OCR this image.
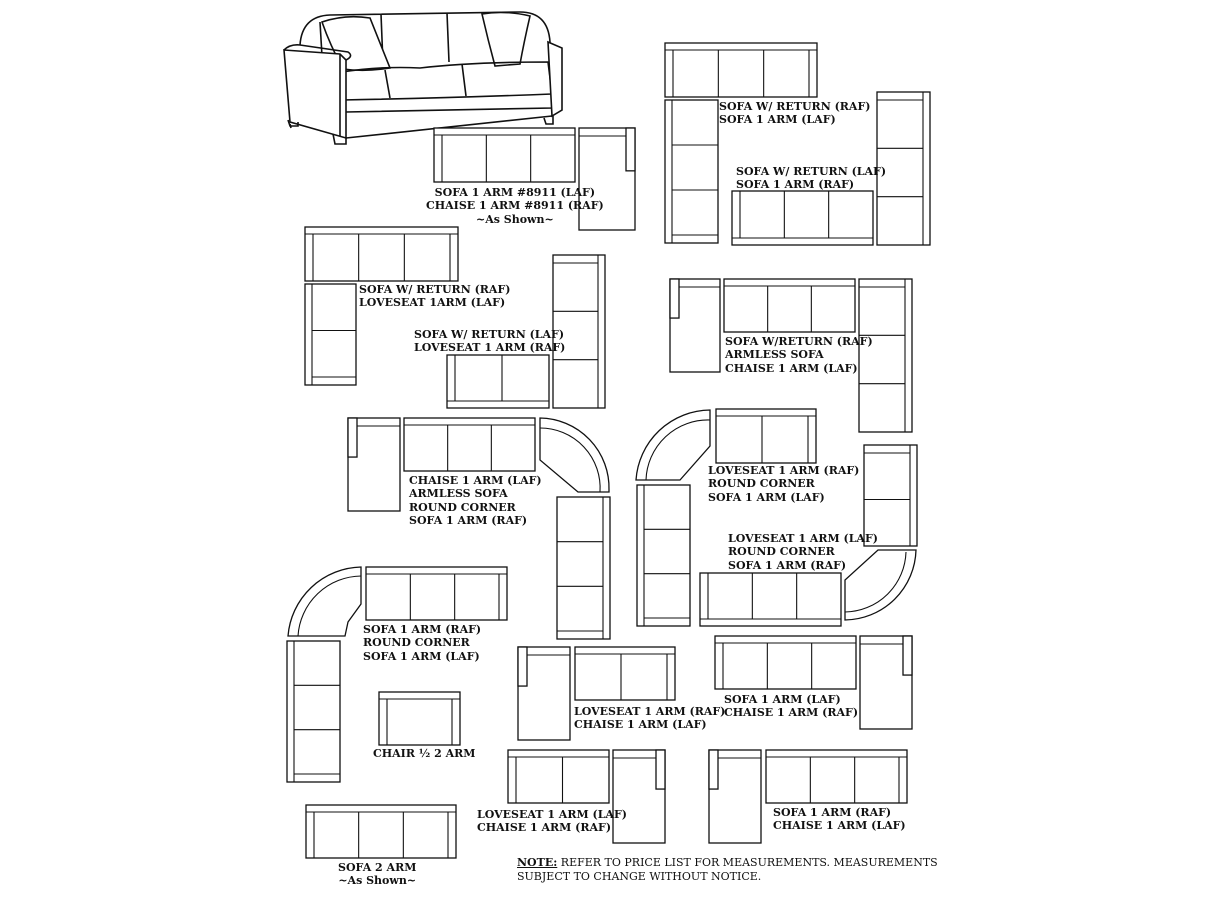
SOFA 1 ARM #8911 (LAF)
CHAISE 1 ARM #8911 (RAF)
~As Shown~
SOFA W/ RETURN (RAF)
SOFA 1 ARM (LAF)
SOFA W/ RETURN (LAF)
SOFA 1 ARM (RAF)
SOFA W/ RETURN (RAF)
LOVESEAT 1ARM (LAF)
SOFA W/ RETURN (LAF)
LOVESEAT 1 ARM (RAF)	SOFA W/RETURN (RAF)
ARMLESS SOFA
CHAISE 1 ARM (LAF)
CHAISE 1 ARM (LAF)
ARMLESS SOFA
ROUND CORNER
SOFA 1 ARM (RAF)
LOVESEAT 1 ARM (RAF)
ROUND CORNER
SOFA 1 ARM (LAF)
LOVESEAT 1 ARM (LAF)
ROUND CORNER
SOFA 1 ARM (RAF)
SOFA 1 ARM (RAF)
ROUND CORNER
SOFA 1 ARM (LAF)
CHAIR ½ 2 ARM
LOVESEAT 1 ARM (RAF)
CHAISE 1 ARM (LAF)
SOFA 1 ARM (LAF)
CHAISE 1 ARM (RAF)
LOVESEAT 1 ARM (LAF)
CHAISE 1 ARM (RAF)
SOFA 1 ARM (RAF)
CHAISE 1 ARM (LAF)
SOFA 2 ARM
~As Shown~
NOTE: REFER TO PRICE LIST FOR MEASUREMENTS. MEASUREMENTS
SUBJECT TO CHANGE WITHOUT NOTICE.
